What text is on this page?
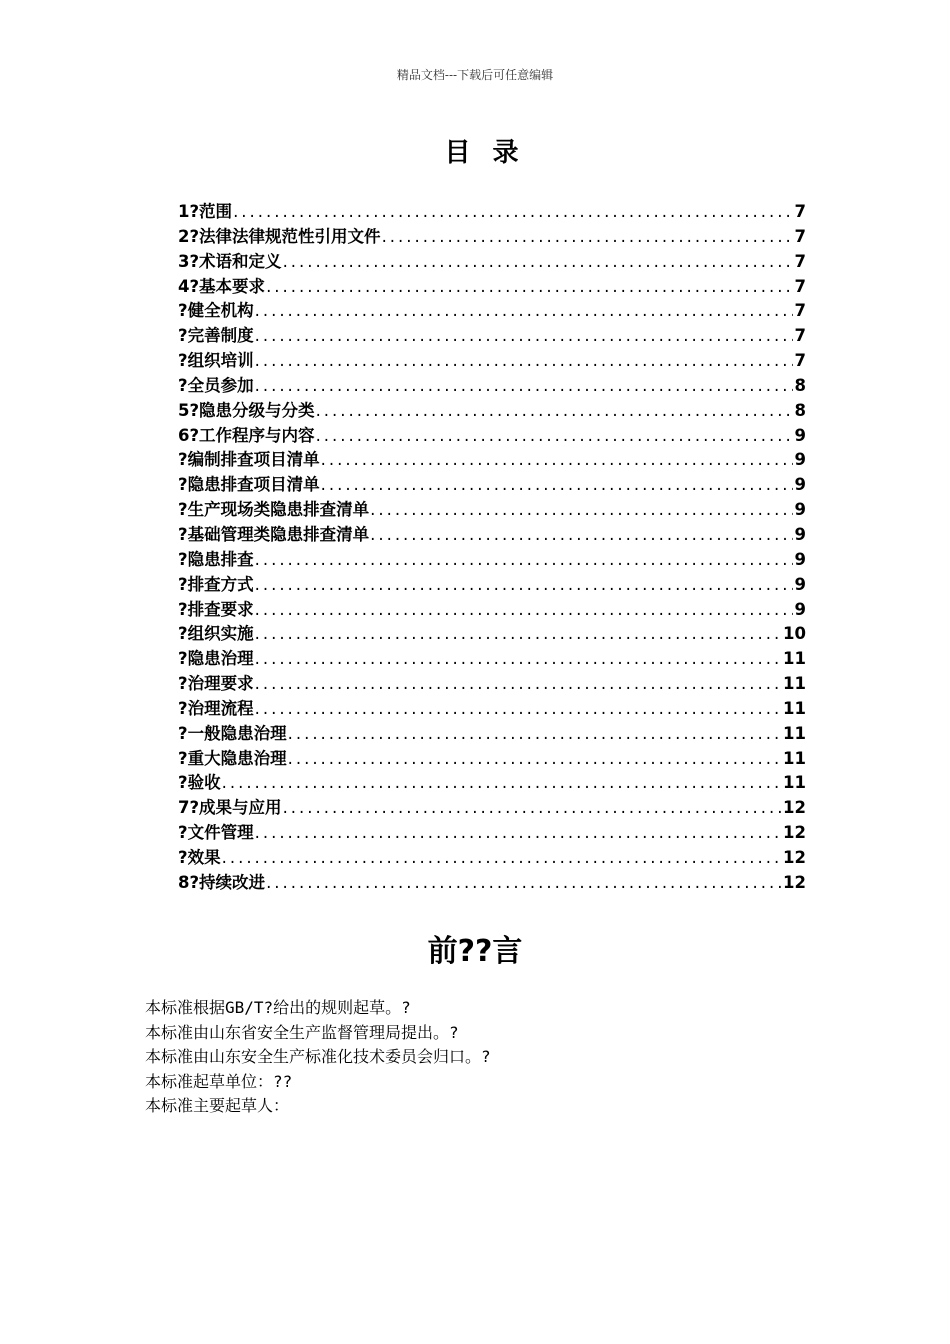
精品文档---下载后可任意编辑
目录
1?范围 .....	7
2?法律法律规范性引用文件 .....	7
3?术语和定义 .....	7
4?基本要求 .....	7
?健全机构 .....	7
?完善制度 .....	7
?组织培训 .....	7
?全员参加 .....	8
5?隐患分级与分类 .....	8
6?工作程序与内容 .....	9
?编制排查项目清单 .....	9
?隐患排查项目清单 .....	9
?生产现场类隐患排查清单 .....	9
?基础管理类隐患排查清单 .....	9
?隐患排查 .....	9
?排查方式 .....	9
?排查要求 .....	9
?组织实施 .....	10
?隐患治理 .....	11
?治理要求 .....	11
?治理流程 .....	11
?一般隐患治理 .....	11
?重大隐患治理 .....	11
?验收 .....	11
7?成果与应用 .....	12
?文件管理 .....	12
?效果 .....	12
8?持续改进 .....	12
前??言
本标准根据GB/T?给出的规则起草。?
本标准由山东省安全生产监督管理局提出。?
本标准由山东安全生产标准化技术委员会归口。?
本标准起草单位：??
本标准主要起草人：
